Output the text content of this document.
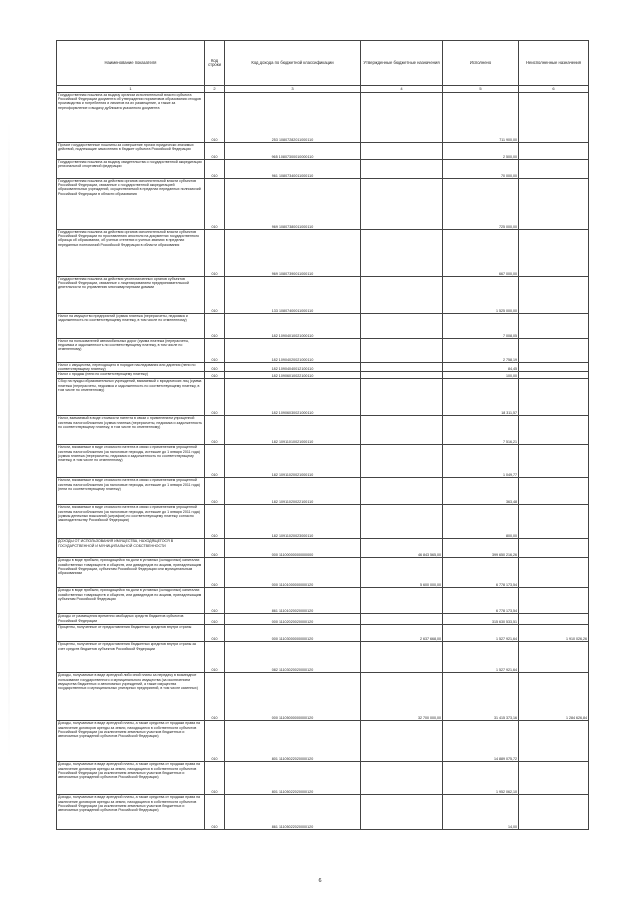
Наименование показателя	Код строки	Код дохода по бюджетной классификации	Утвержденные бюджетные назначения	Исполнено	Неисполненные назначения
1	2	3	4	5	6
Государственная пошлина за выдачу органом исполнительной власти субъекта Российской Федерации документа об утверждении нормативов образования отходов производства и потребления и лимитов на их размещение, а также за переоформление и выдачу дубликата указанного документа	010	253 10807282011000110		711 900,00	
Прочие государственные пошлины за совершение прочих юридически значимых действий, подлежащие зачислению в бюджет субъекта Российской Федерации	010	965 10807300010000110		2 500,00	
Государственная пошлина за выдачу свидетельства о государственной аккредитации региональной спортивной федерации	010	961 10807340011000110		70 000,00	
Государственная пошлина за действия органов исполнительной власти субъектов Российской Федерации, связанные с государственной аккредитацией образовательных учреждений, осуществляемой в пределах переданных полномочий Российской Федерации в области образования	010	969 10807380011000110		725 000,00	
Государственная пошлина за действия органов исполнительной власти субъектов Российской Федерации по проставлению апостиля на документах государственного образца об образовании, об ученых степенях и ученых званиях в пределах переданных полномочий Российской Федерации в области образования	010	969 10807390011000110		667 000,00	
Государственная пошлина за действия уполномоченных органов субъектов Российской Федерации, связанные с лицензированием предпринимательской деятельности по управлению многоквартирными домами	010	133 10807400011000110		1 525 000,00	
Налог на имущество предприятий (сумма платежа (перерасчеты, недоимка и задолженность по соответствующему платежу, в том числе по отмененному)	010	182 10904010021000110		7 008,05	
Налог на пользователей автомобильных дорог (сумма платежа (перерасчеты, недоимка и задолженность по соответствующему платежу, в том числе по отмененному)	010	182 10904020021000110		2 758,19	
Налог с имущества, переходящего в порядке наследования или дарения (пени по соответствующему платежу)	010	182 10904040012100110		84,45	
Налог с продаж (пени по соответствующему платежу)	010	182 10906010022100110		100,00	
Сбор на нужды образовательных учреждений, взимаемый с юридических лиц (сумма платежа (перерасчеты, недоимка и задолженность по соответствующему платежу, в том числе по отмененному)	010	182 10906030021000110		18 311,57	
Налог, взимаемый в виде стоимости патента в связи с применением упрощенной системы налогообложения (сумма платежа (перерасчеты, недоимка и задолженность по соответствующему платежу, в том числе по отмененному)	010	182 10911010021000110		7 516,21	
Налоги, взимаемые в виде стоимости патента в связи с применением упрощенной системы налогообложения (за налоговые периоды, истекшие до 1 января 2011 года) (сумма платежа (перерасчеты, недоимка и задолженность по соответствующему платежу, в том числе по отмененному)	010	182 10911020021000110		1 049,77	
Налоги, взимаемые в виде стоимости патента в связи с применением упрощенной системы налогообложения (за налоговые периоды, истекшие до 1 января 2011 года) (пени по соответствующему платежу)	010	182 10911020022100110		363,48	
Налоги, взимаемые в виде стоимости патента в связи с применением упрощенной системы налогообложения (за налоговые периоды, истекшие до 1 января 2011 года) (суммы денежных взысканий (штрафов) по соответствующему платежу согласно законодательству Российской Федерации)	010	182 10911020023000110		800,00	
ДОХОДЫ ОТ ИСПОЛЬЗОВАНИЯ ИМУЩЕСТВА, НАХОДЯЩЕГОСЯ В ГОСУДАРСТВЕННОЙ И МУНИЦИПАЛЬНОЙ СОБСТВЕННОСТИ	010	000 11100000000000000	46 843 565,00	399 650 216,26	
Доходы в виде прибыли, приходящейся на доли в уставных (складочных) капиталах хозяйственных товариществ и обществ, или дивидендов по акциям, принадлежащим Российской Федерации, субъектам Российской Федерации или муниципальным образованиям	010	000 11101000000000120	5 600 000,00	6 778 173,54	
Доходы в виде прибыли, приходящейся на доли в уставных (складочных) капиталах хозяйственных товариществ и обществ, или дивидендов по акциям, принадлежащим субъектам Российской Федерации	010	861 11101020020000120		6 778 173,54	
Доходы от размещения временно свободных средств бюджетов субъектов Российской Федерации	010	000 11102020020000120		315 630 533,51	
Проценты, полученные от предоставления бюджетных кредитов внутри страны	010	000 11103000000000120	2 637 668,00	1 527 921,64	1 910 026,26
Проценты, полученные от предоставления бюджетных кредитов внутри страны за счет средств бюджетов субъектов Российской Федерации	010	082 11103020020000120		1 527 921,64	
Доходы, получаемые в виде арендной либо иной платы за передачу в возмездное пользование государственного и муниципального имущества (за исключением имущества бюджетных и автономных учреждений, а также имущества государственных и муниципальных унитарных предприятий, в том числе казенных)	010	000 11105000000000120	32 700 000,00	31 415 373,16	1 284 626,84
Доходы, получаемые в виде арендной платы, а также средства от продажи права на заключение договоров аренды за земли, находящиеся в собственности субъектов Российской Федерации (за исключением земельных участков бюджетных и автономных учреждений субъектов Российской Федерации)	010	801 11105022020000120		14 889 075,72	
Доходы, получаемые в виде арендной платы, а также средства от продажи права на заключение договоров аренды за земли, находящиеся в собственности субъектов Российской Федерации (за исключением земельных участков бюджетных и автономных учреждений субъектов Российской Федерации)	010	801 11105022020000120		1 952 062,10	
Доходы, получаемые в виде арендной платы, а также средства от продажи права на заключение договоров аренды за земли, находящиеся в собственности субъектов Российской Федерации (за исключением земельных участков бюджетных и автономных учреждений субъектов Российской Федерации)	010	861 11105022020000120		14,00	
6
